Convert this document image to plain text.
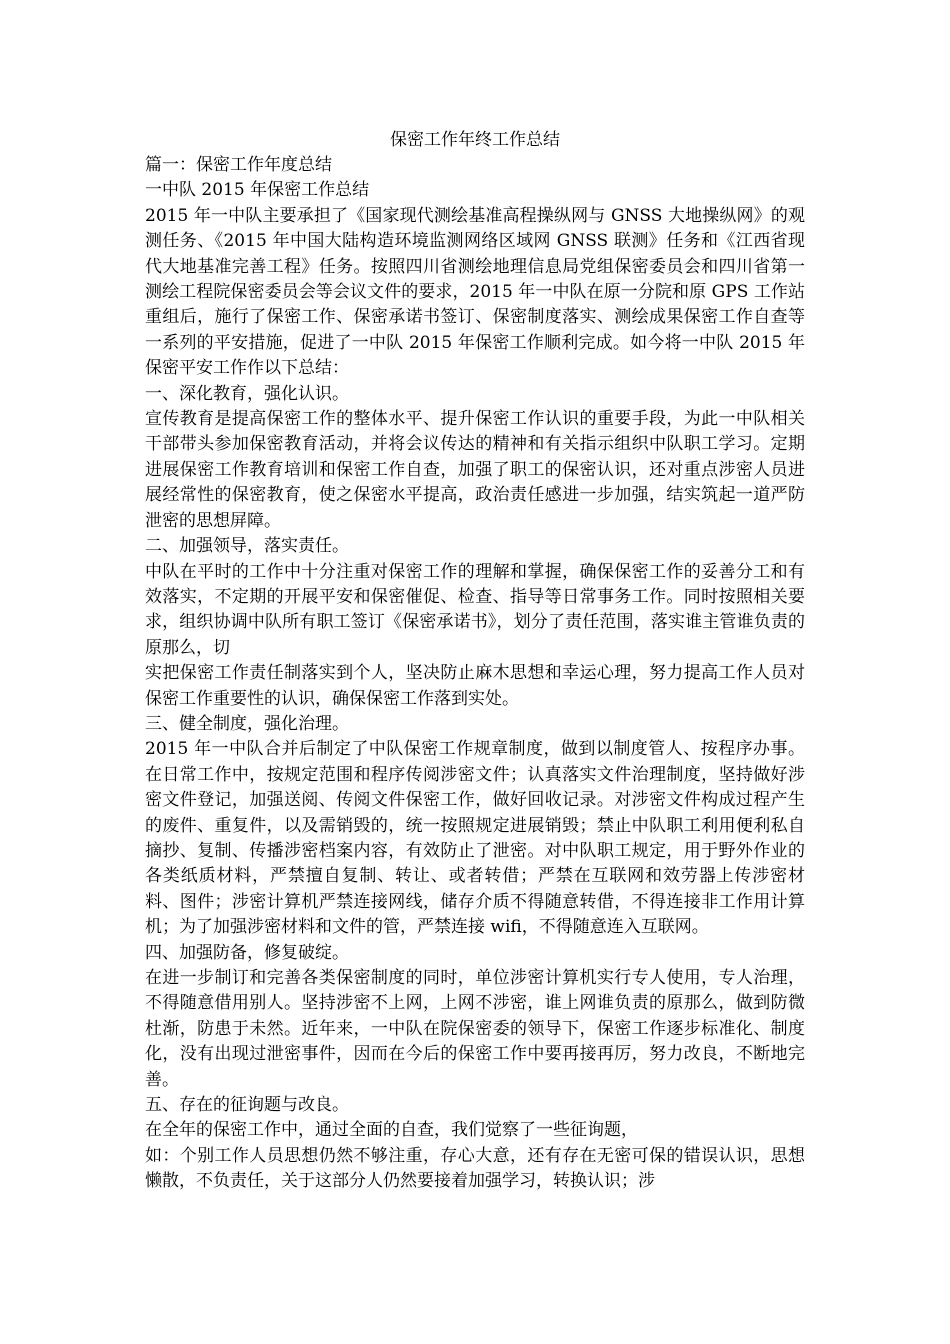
保密工作年终工作总结
篇一：保密工作年度总结
一中队 2015 年保密工作总结
2015 年一中队主要承担了《国家现代测绘基准高程操纵网与 GNSS 大地操纵网》的观测任务、《2015 年中国大陆构造环境监测网络区域网 GNSS 联测》任务和《江西省现代大地基准完善工程》任务。按照四川省测绘地理信息局党组保密委员会和四川省第一测绘工程院保密委员会等会议文件的要求，2015 年一中队在原一分院和原 GPS 工作站重组后，施行了保密工作、保密承诺书签订、保密制度落实、测绘成果保密工作自查等一系列的平安措施，促进了一中队 2015 年保密工作顺利完成。如今将一中队 2015 年保密平安工作作以下总结：
一、深化教育，强化认识。
宣传教育是提高保密工作的整体水平、提升保密工作认识的重要手段，为此一中队相关干部带头参加保密教育活动，并将会议传达的精神和有关指示组织中队职工学习。定期进展保密工作教育培训和保密工作自查，加强了职工的保密认识，还对重点涉密人员进展经常性的保密教育，使之保密水平提高，政治责任感进一步加强，结实筑起一道严防泄密的思想屏障。
二、加强领导，落实责任。
中队在平时的工作中十分注重对保密工作的理解和掌握，确保保密工作的妥善分工和有效落实，不定期的开展平安和保密催促、检查、指导等日常事务工作。同时按照相关要求，组织协调中队所有职工签订《保密承诺书》，划分了责任范围，落实谁主管谁负责的原那么，切
实把保密工作责任制落实到个人，坚决防止麻木思想和幸运心理，努力提高工作人员对保密工作重要性的认识，确保保密工作落到实处。
三、健全制度，强化治理。
2015 年一中队合并后制定了中队保密工作规章制度，做到以制度管人、按程序办事。在日常工作中，按规定范围和程序传阅涉密文件；认真落实文件治理制度，坚持做好涉密文件登记，加强送阅、传阅文件保密工作，做好回收记录。对涉密文件构成过程产生的废件、重复件，以及需销毁的，统一按照规定进展销毁；禁止中队职工利用便利私自摘抄、复制、传播涉密档案内容，有效防止了泄密。对中队职工规定，用于野外作业的各类纸质材料，严禁擅自复制、转让、或者转借；严禁在互联网和效劳器上传涉密材料、图件；涉密计算机严禁连接网线，储存介质不得随意转借，不得连接非工作用计算机；为了加强涉密材料和文件的管，严禁连接 wifi，不得随意连入互联网。
四、加强防备，修复破绽。
在进一步制订和完善各类保密制度的同时，单位涉密计算机实行专人使用，专人治理，不得随意借用别人。坚持涉密不上网，上网不涉密，谁上网谁负责的原那么，做到防微杜渐，防患于未然。近年来，一中队在院保密委的领导下，保密工作逐步标准化、制度化，没有出现过泄密事件，因而在今后的保密工作中要再接再厉，努力改良，不断地完善。
五、存在的征询题与改良。
在全年的保密工作中，通过全面的自查，我们觉察了一些征询题，
如：个别工作人员思想仍然不够注重，存心大意，还有存在无密可保的错误认识，思想懒散，不负责任，关于这部分人仍然要接着加强学习，转换认识；涉
